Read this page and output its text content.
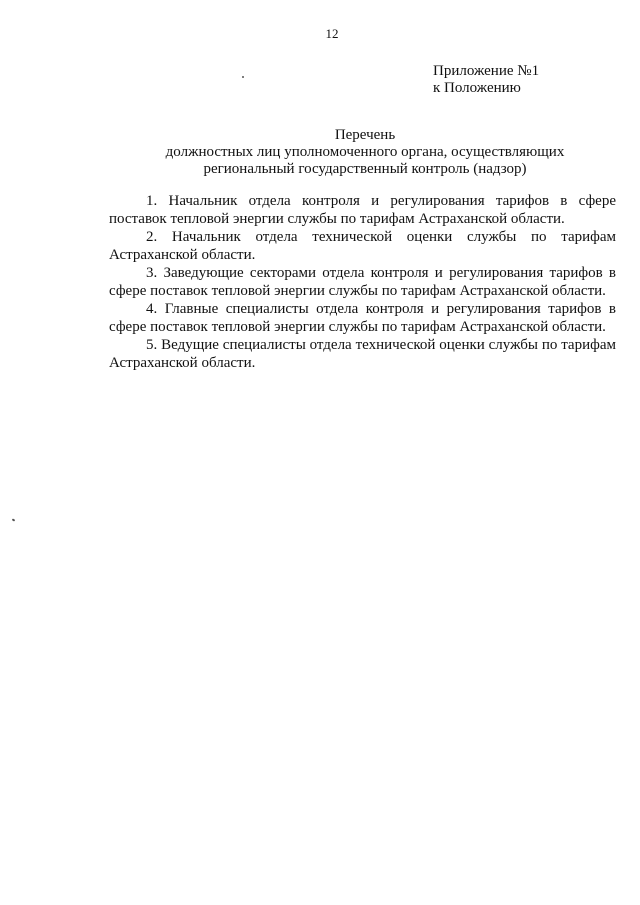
12
Приложение №1
к Положению
Перечень
должностных лиц уполномоченного органа, осуществляющих
региональный государственный контроль (надзор)

1. Начальник отдела контроля и регулирования тарифов в сфере поставок тепловой энергии службы по тарифам Астраханской области.

2. Начальник отдела технической оценки службы по тарифам Астраханской области.

3. Заведующие секторами отдела контроля и регулирования тарифов в сфере поставок тепловой энергии службы по тарифам Астраханской области.

4. Главные специалисты отдела контроля и регулирования тарифов в сфере поставок тепловой энергии службы по тарифам Астраханской области.

5. Ведущие специалисты отдела технической оценки службы по тарифам Астраханской области.
